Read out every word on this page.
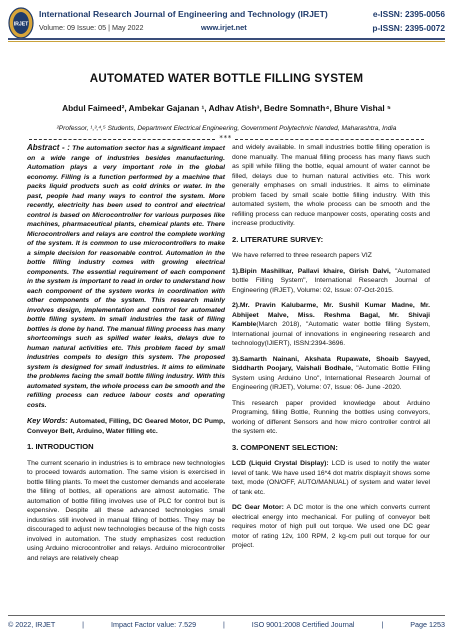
IRJET
International Research Journal of Engineering and Technology (IRJET)	e-ISSN: 2395-0056
Volume: 09 Issue: 05 | May 2022	www.irjet.net	p-ISSN: 2395-0072
AUTOMATED WATER BOTTLE FILLING SYSTEM
Abdul Faimeed², Ambekar Gajanan ¹, Adhav Atish³, Bedre Somnath⁴, Bhure Vishal ⁵
²Professor, ¹,³,⁴,⁵ Students, Department Electrical Engineering, Government Polytechnic Nanded, Maharashtra, India
***

Abstract - : The automation sector has a significant impact on a wide range of industries besides manufacturing. Automation plays a very important role in the global economy. Filling is a function performed by a machine that packs liquid products such as cold drinks or water. In the past, people had many ways to control the system. More recently, electricity has been used to control and electrical control is based on Microcontroller for various purposes like machines, pharmaceutical plants, chemical plants etc. There Microcontrollers and relays are control the complete working of the system. It is common to use microcontrollers to make a simple decision for reasonable control. Automation in the bottle filling industry comes with growing electrical components. The essential requirement of each component in the system is important to read in order to understand how each component of the system works in coordination with other components of the system. This research mainly involves design, implementation and control for automated bottle filling system. In small industries the task of filling bottles is done by hand. The manual filling process has many shortcomings such as spilled water leaks, delays due to human natural activities etc. This problem faced by small industries compels to design this system. The proposed system is designed for small industries. It aims to eliminate the problems facing the small bottle filling industry. With this automated system, the whole process can be smooth and the refilling process can reduce labour costs and operating costs.

Key Words: Automated, Filling, DC Geared Motor, DC Pump, Conveyor Belt, Arduino, Water filling etc.

1. INTRODUCTION

The current scenario in industries is to embrace new technologies to proceed towards automation. The same vision is exercised in bottle filling plants. To meet the customer demands and accelerate the filling of bottles, all operations are almost automatic. The automation of bottle filling involves use of PLC for control but is expensive. Despite all these advanced technologies small industries still involved in manual filling of bottles. They may be discouraged to adjust new technologies because of the high costs involved in automation. The study emphasizes cost reduction using Arduino microcontroller and relays. Arduino microcontroller and relays are relatively cheap

and widely available. In small industries bottle filling operation is done manually. The manual filling process has many flaws such as spill while filling the bottle, equal amount of water cannot be filled, delays due to human natural activities etc. This work generally emphases on small industries. It aims to eliminate problem faced by small scale bottle filling industry. With this automated system, the whole process can be smooth and the refilling process can reduce manpower costs, operating costs and increase productivity.

2. LITERATURE SURVEY:

We have referred to three research papers VIZ

1).Bipin Mashilkar, Pallavi khaire, Girish Dalvi, "Automated bottle Filling System", International Research Journal of Engineering (IRJET), Volume: 02, Issue: 07-Oct-2015.

2).Mr. Pravin Kalubarme, Mr. Sushil Kumar Madne, Mr. Abhijeet Malve, Miss. Reshma Bagal, Mr. Shivaji Kamble(March 2018), "Automatic water bottle filling System, International journal of innovations in engineering research and technology(IJIERT), ISSN:2394-3696.

3).Samarth Nainani, Akshata Rupawate, Shoaib Sayyed, Siddharth Poojary, Vaishali Bodhale, "Automatic Bottle Filling System using Arduino Uno", International Research Journal of Engineering (IRJET), Volume: 07, Issue: 06- June -2020.

This research paper provided knowledge about Arduino Programing, filling Bottle, Running the bottles using conveyors, working of different Sensors and how micro controller control all the system etc.

3. COMPONENT SELECTION:

LCD (Liquid Crystal Display): LCD is used to notify the water level of tank. We have used 16*4 dot matrix display.it shows some text, mode (ON/OFF, AUTO/MANUAL) of system and water level of tank etc.

DC Gear Motor: A DC motor is the one which converts current electrical energy into mechanical. For pulling of conveyor belt requires motor of high pull out torque. We used one DC gear motor of rating 12v, 100 RPM, 2 kg-cm pull out torque for our project.

© 2022, IRJET	|	Impact Factor value: 7.529	|	ISO 9001:2008 Certified Journal	|	Page 1253
